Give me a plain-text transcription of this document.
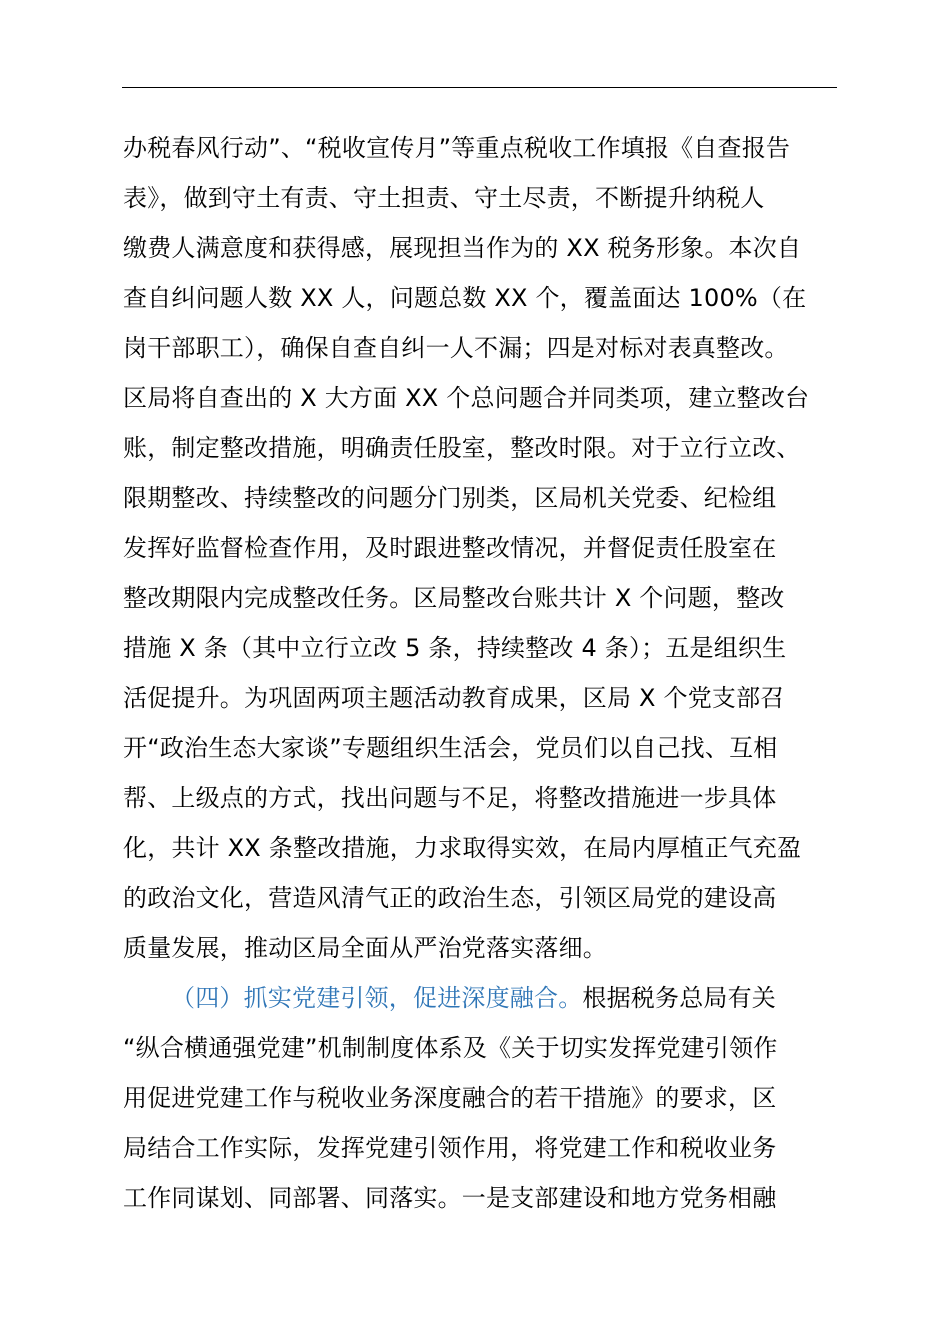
办税春风行动”、“税收宣传月”等重点税收工作填报《自查报告
表》，做到守土有责、守土担责、守土尽责，不断提升纳税人
缴费人满意度和获得感，展现担当作为的 XX 税务形象。本次自
查自纠问题人数 XX 人，问题总数 XX 个，覆盖面达 100%（在
岗干部职工），确保自查自纠一人不漏；四是对标对表真整改。
区局将自查出的 X 大方面 XX 个总问题合并同类项，建立整改台
账，制定整改措施，明确责任股室，整改时限。对于立行立改、
限期整改、持续整改的问题分门别类，区局机关党委、纪检组
发挥好监督检查作用，及时跟进整改情况，并督促责任股室在
整改期限内完成整改任务。区局整改台账共计 X 个问题，整改
措施 X 条（其中立行立改 5 条，持续整改 4 条）；五是组织生
活促提升。为巩固两项主题活动教育成果，区局 X 个党支部召
开“政治生态大家谈”专题组织生活会，党员们以自己找、互相
帮、上级点的方式，找出问题与不足，将整改措施进一步具体
化，共计 XX 条整改措施，力求取得实效，在局内厚植正气充盈
的政治文化，营造风清气正的政治生态，引领区局党的建设高
质量发展，推动区局全面从严治党落实落细。
（四）抓实党建引领，促进深度融合。根据税务总局有关
“纵合横通强党建”机制制度体系及《关于切实发挥党建引领作
用促进党建工作与税收业务深度融合的若干措施》的要求，区
局结合工作实际，发挥党建引领作用，将党建工作和税收业务
工作同谋划、同部署、同落实。一是支部建设和地方党务相融
